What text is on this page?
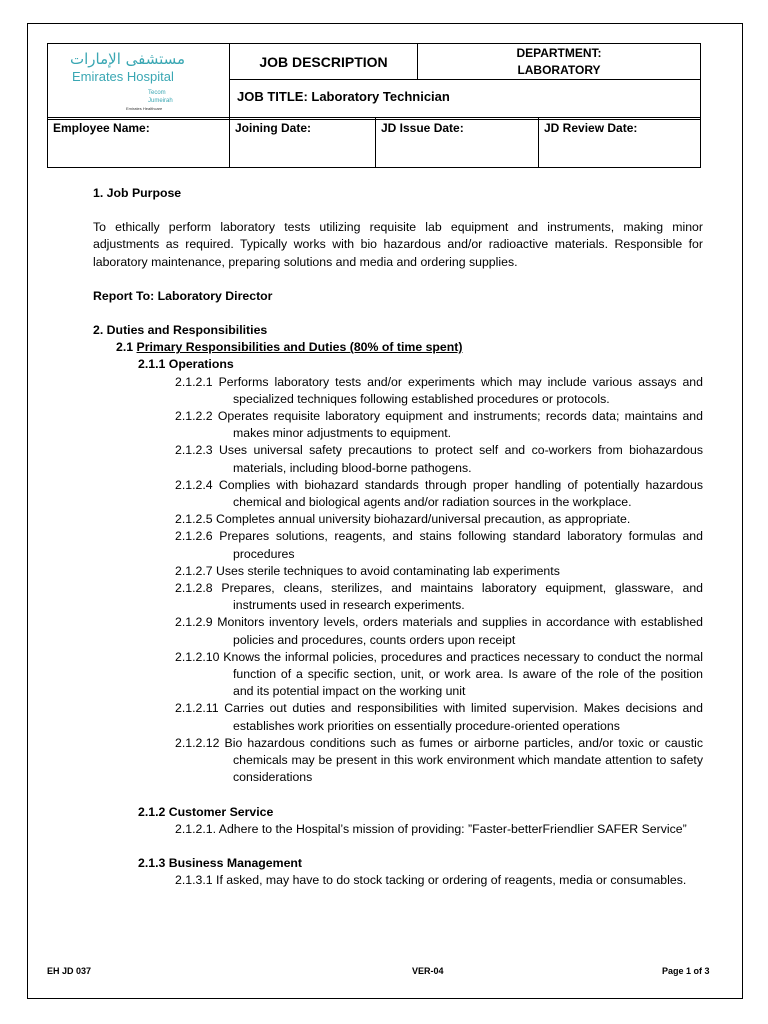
مستشفى الإمارات
Emirates Hospital
Tecom
Jumeirah
Emirates Healthcare
JOB DESCRIPTION
DEPARTMENT:
LABORATORY
JOB TITLE: Laboratory Technician
Employee Name:	Joining Date:	JD Issue Date:	JD Review Date:

1. Job Purpose

To ethically perform laboratory tests utilizing requisite lab equipment and instruments, making minor adjustments as required. Typically works with bio hazardous and/or radioactive materials. Responsible for laboratory maintenance, preparing solutions and media and ordering supplies.

Report To: Laboratory Director

2. Duties and Responsibilities

2.1 Primary Responsibilities and Duties (80% of time spent)

2.1.1 Operations

2.1.2.1 Performs laboratory tests and/or experiments which may include various assays and specialized techniques following established procedures or protocols.

2.1.2.2 Operates requisite laboratory equipment and instruments; records data; maintains and makes minor adjustments to equipment.

2.1.2.3 Uses universal safety precautions to protect self and co-workers from biohazardous materials, including blood-borne pathogens.

2.1.2.4 Complies with biohazard standards through proper handling of potentially hazardous chemical and biological agents and/or radiation sources in the workplace.

2.1.2.5 Completes annual university biohazard/universal precaution, as appropriate.

2.1.2.6 Prepares solutions, reagents, and stains following standard laboratory formulas and procedures

2.1.2.7 Uses sterile techniques to avoid contaminating lab experiments

2.1.2.8 Prepares, cleans, sterilizes, and maintains laboratory equipment, glassware, and instruments used in research experiments.

2.1.2.9 Monitors inventory levels, orders materials and supplies in accordance with established policies and procedures, counts orders upon receipt

2.1.2.10 Knows the informal policies, procedures and practices necessary to conduct the normal function of a specific section, unit, or work area. Is aware of the role of the position and its potential impact on the working unit

2.1.2.11 Carries out duties and responsibilities with limited supervision. Makes decisions and establishes work priorities on essentially procedure-oriented operations

2.1.2.12 Bio hazardous conditions such as fumes or airborne particles, and/or toxic or caustic chemicals may be present in this work environment which mandate attention to safety considerations

2.1.2 Customer Service

2.1.2.1. Adhere to the Hospital’s mission of providing: ”Faster-betterFriendlier SAFER Service”

2.1.3 Business Management

2.1.3.1 If asked, may have to do stock tacking or ordering of reagents, media or consumables.

EH JD 037	VER-04	Page 1 of 3
